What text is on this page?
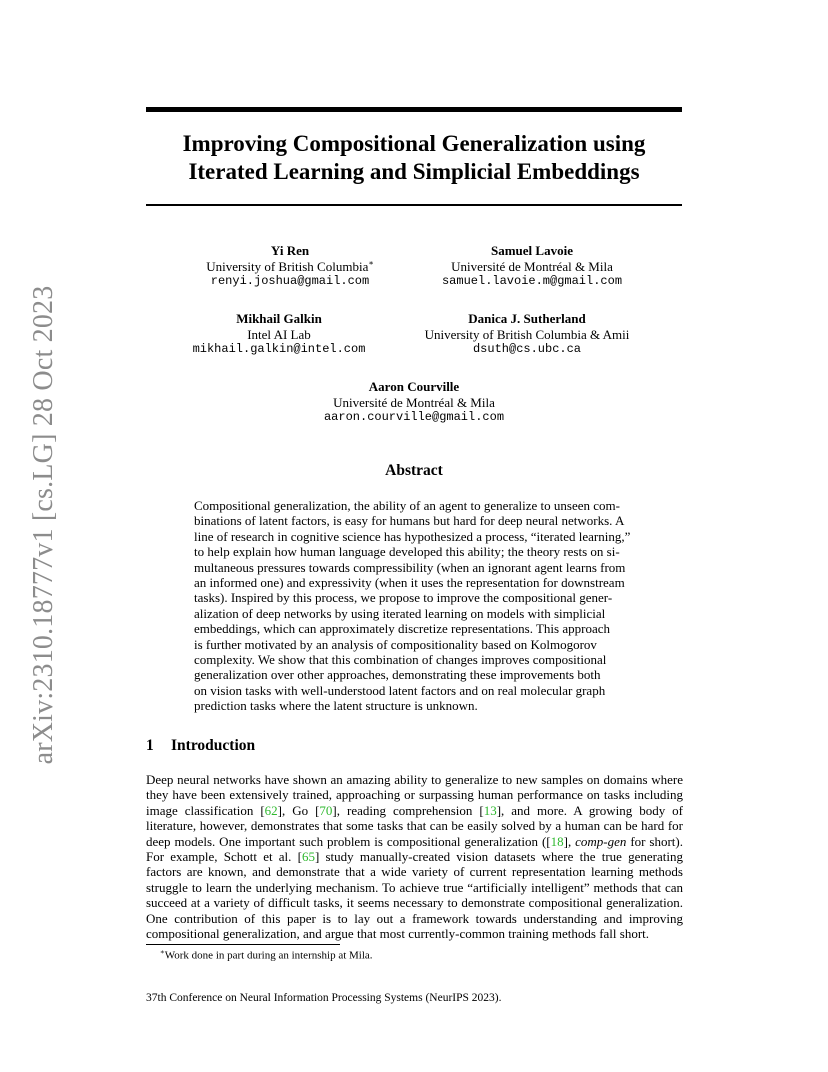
arXiv:2310.18777v1 [cs.LG] 28 Oct 2023
Improving Compositional Generalization using
Iterated Learning and Simplicial Embeddings
Yi Ren
University of British Columbia∗
renyi.joshua@gmail.com
Samuel Lavoie
Université de Montréal & Mila
samuel.lavoie.m@gmail.com
Mikhail Galkin
Intel AI Lab
mikhail.galkin@intel.com
Danica J. Sutherland
University of British Columbia & Amii
dsuth@cs.ubc.ca
Aaron Courville
Université de Montréal & Mila
aaron.courville@gmail.com
Abstract
Compositional generalization, the ability of an agent to generalize to unseen com-
binations of latent factors, is easy for humans but hard for deep neural networks. A
line of research in cognitive science has hypothesized a process, “iterated learning,”
to help explain how human language developed this ability; the theory rests on si-
multaneous pressures towards compressibility (when an ignorant agent learns from
an informed one) and expressivity (when it uses the representation for downstream
tasks). Inspired by this process, we propose to improve the compositional gener-
alization of deep networks by using iterated learning on models with simplicial
embeddings, which can approximately discretize representations. This approach
is further motivated by an analysis of compositionality based on Kolmogorov
complexity. We show that this combination of changes improves compositional
generalization over other approaches, demonstrating these improvements both
on vision tasks with well-understood latent factors and on real molecular graph
prediction tasks where the latent structure is unknown.
1 Introduction
Deep neural networks have shown an amazing ability to generalize to new samples on domains where they have been extensively trained, approaching or surpassing human performance on tasks including image classification [62], Go [70], reading comprehension [13], and more. A growing body of literature, however, demonstrates that some tasks that can be easily solved by a human can be hard for deep models. One important such problem is compositional generalization ([18], comp-gen for short). For example, Schott et al. [65] study manually-created vision datasets where the true generating factors are known, and demonstrate that a wide variety of current representation learning methods struggle to learn the underlying mechanism. To achieve true “artificially intelligent” methods that can succeed at a variety of difficult tasks, it seems necessary to demonstrate compositional generalization. One contribution of this paper is to lay out a framework towards understanding and improving compositional generalization, and argue that most currently-common training methods fall short.
∗Work done in part during an internship at Mila.
37th Conference on Neural Information Processing Systems (NeurIPS 2023).
